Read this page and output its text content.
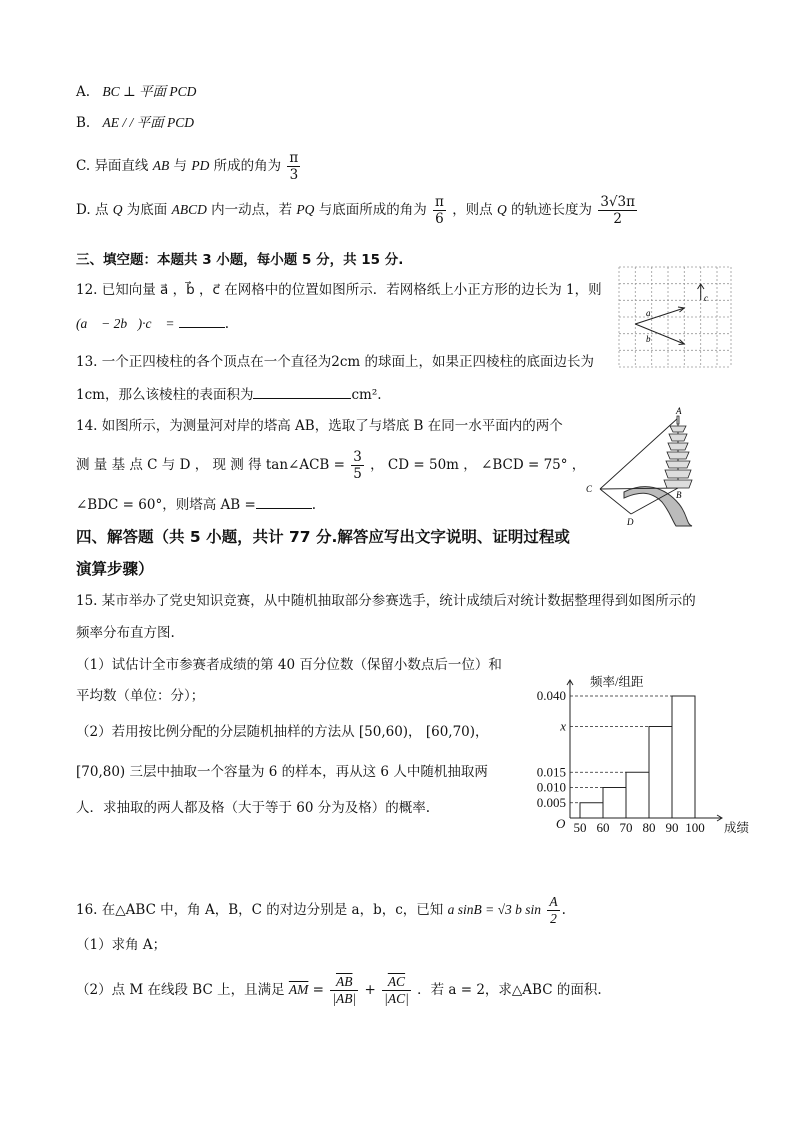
A. BC ⊥ 平面 PCD
B. AE / / 平面 PCD
C. 异面直线 AB 与 PD 所成的角为 $\frac{\pi}{3}$
D. 点 Q 为底面 ABCD 内一动点，若 PQ 与底面所成的角为 $\frac{\pi}{6}$ ，则点 Q 的轨迹长度为 $\frac{3√3\pi}{2}$
三、填空题：本题共 3 小题，每小题 5 分，共 15 分.
12. 已知向量 a⃗ ，b⃗ ，c⃗ 在网格中的位置如图所示．若网格纸上小正方形的边长为 1，则
(a⃗ − 2b⃗)·c⃗ =	.
a⃗
b⃗
c⃗
13. 一个正四棱柱的各个顶点在一个直径为2cm 的球面上，如果正四棱柱的底面边长为
1cm，那么该棱柱的表面积为	cm².
14. 如图所示，为测量河对岸的塔高 AB，选取了与塔底 B 在同一水平面内的两个
测 量 基 点 C 与 D ， 现 测 得 tan∠ACB = $\frac{3}{5}$ ， CD = 50m ， ∠BCD = 75° ，
∠BDC = 60°，则塔高 AB =	.
A
B
C
D
四、解答题（共 5 小题，共计 77 分.解答应写出文字说明、证明过程或
演算步骤）
15. 某市举办了党史知识竞赛，从中随机抽取部分参赛选手，统计成绩后对统计数据整理得到如图所示的
频率分布直方图.
（1）试估计全市参赛者成绩的第 40 百分位数（保留小数点后一位）和
平均数（单位：分）；
（2）若用按比例分配的分层随机抽样的方法从 [50,60)， [60,70)，
[70,80) 三层中抽取一个容量为 6 的样本，再从这 6 人中随机抽取两
人．求抽取的两人都及格（大于等于 60 分为及格）的概率.
0.040
x
0.015
0.010
0.005
50 60 70 80 90 100
O
频率/组距
成绩
16. 在△ABC 中，角 A，B，C 的对边分别是 a，b，c，已知 a sinB = √3 b $\sin \frac{A}{2}$ .
（1）求角 A；
（2）点 M 在线段 BC 上，且满足 $\overline{AM} = \frac{\overline{AB}}{|AB|} + \frac{\overline{AC}}{|AC|}$ ．若 a = 2，求△ABC 的面积.
